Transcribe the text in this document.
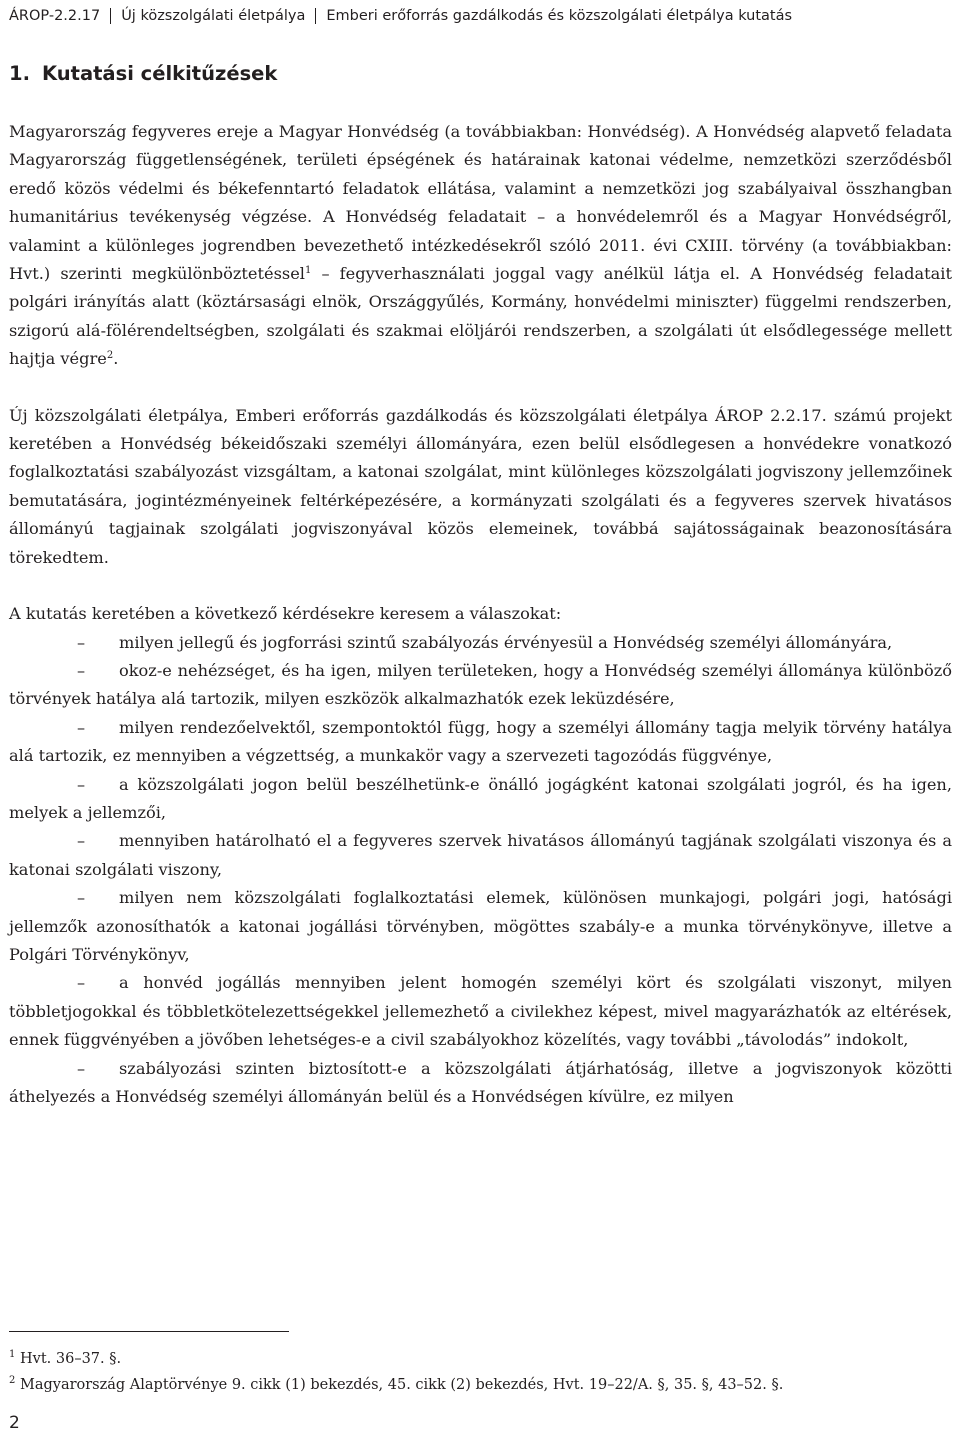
ÁROP-2.2.17 Új közszolgálati életpálya Emberi erőforrás gazdálkodás és közszolgálati életpálya kutatás
1. Kutatási célkitűzések

Magyarország fegyveres ereje a Magyar Honvédség (a továbbiakban: Honvédség). A Honvédség alapvető feladata Magyarország függetlenségének, területi épségének és határainak katonai védelme, nemzetközi szerződésből eredő közös védelmi és békefenntartó feladatok ellátása, valamint a nemzetközi jog szabályaival összhangban humanitárius tevékenység végzése. A Honvédség feladatait – a honvédelemről és a Magyar Honvédségről, valamint a különleges jogrendben bevezethető intézkedésekről szóló 2011. évi CXIII. törvény (a továbbiakban: Hvt.) szerinti megkülönböztetéssel$^1$ – fegyverhasználati joggal vagy anélkül látja el. A Honvédség feladatait polgári irányítás alatt (köztársasági elnök, Országgyűlés, Kormány, honvédelmi miniszter) függelmi rendszerben, szigorú alá-fölérendeltségben, szolgálati és szakmai elöljárói rendszerben, a szolgálati út elsődlegessége mellett hajtja végre$^2$.

Új közszolgálati életpálya, Emberi erőforrás gazdálkodás és közszolgálati életpálya ÁROP 2.2.17. számú projekt keretében a Honvédség békeidőszaki személyi állományára, ezen belül elsődlegesen a honvédekre vonatkozó foglalkoztatási szabályozást vizsgáltam, a katonai szolgálat, mint különleges közszolgálati jogviszony jellemzőinek bemutatására, jogintézményeinek feltérképezésére, a kormányzati szolgálati és a fegyveres szervek hivatásos állományú tagjainak szolgálati jogviszonyával közös elemeinek, továbbá sajátosságainak beazonosítására törekedtem.

A kutatás keretében a következő kérdésekre keresem a válaszokat:

– milyen jellegű és jogforrási szintű szabályozás érvényesül a Honvédség személyi állományára,

– okoz-e nehézséget, és ha igen, milyen területeken, hogy a Honvédség személyi állománya különböző törvények hatálya alá tartozik, milyen eszközök alkalmazhatók ezek leküzdésére,

– milyen rendezőelvektől, szempontoktól függ, hogy a személyi állomány tagja melyik törvény hatálya alá tartozik, ez mennyiben a végzettség, a munkakör vagy a szervezeti tagozódás függvénye,

– a közszolgálati jogon belül beszélhetünk-e önálló jogágként katonai szolgálati jogról, és ha igen, melyek a jellemzői,

– mennyiben határolható el a fegyveres szervek hivatásos állományú tagjának szolgálati viszonya és a katonai szolgálati viszony,

– milyen nem közszolgálati foglalkoztatási elemek, különösen munkajogi, polgári jogi, hatósági jellemzők azonosíthatók a katonai jogállási törvényben, mögöttes szabály-e a munka törvénykönyve, illetve a Polgári Törvénykönyv,

– a honvéd jogállás mennyiben jelent homogén személyi kört és szolgálati viszonyt, milyen többletjogokkal és többletkötelezettségekkel jellemezhető a civilekhez képest, mivel magyarázhatók az eltérések, ennek függvényében a jövőben lehetséges-e a civil szabályokhoz közelítés, vagy további „távolodás” indokolt,

– szabályozási szinten biztosított-e a közszolgálati átjárhatóság, illetve a jogviszonyok közötti áthelyezés a Honvédség személyi állományán belül és a Honvédségen kívülre, ez milyen

$^1$ Hvt. 36–37. §.

$^2$ Magyarország Alaptörvénye 9. cikk (1) bekezdés, 45. cikk (2) bekezdés, Hvt. 19–22/A. §, 35. §, 43–52. §.

2
